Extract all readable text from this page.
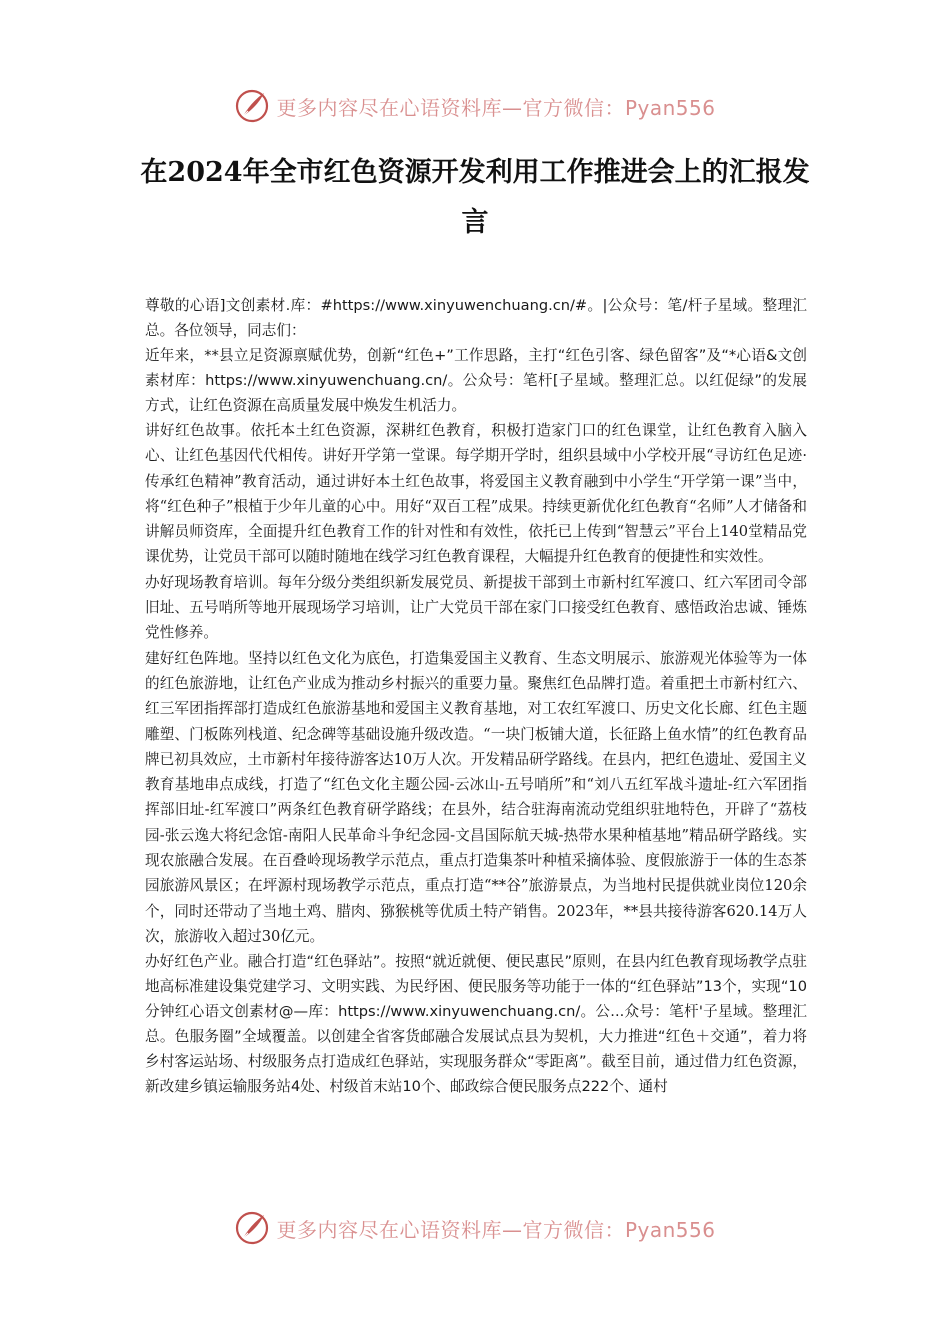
更多内容尽在心语资料库—官方微信：Pyan556
在2024年全市红色资源开发利用工作推进会上的汇报发言

尊敬的心语]文创素材.库：#https://www.xinyuwenchuang.cn/#。|公众号：笔/杆子星域。整理汇总。各位领导，同志们：

近年来，**县立足资源禀赋优势，创新“红色+”工作思路，主打“红色引客、绿色留客”及“*心语&文创素材库：https://www.xinyuwenchuang.cn/。公众号：笔杆[子星域。整理汇总。以红促绿”的发展方式，让红色资源在高质量发展中焕发生机活力。

讲好红色故事。依托本土红色资源，深耕红色教育，积极打造家门口的红色课堂，让红色教育入脑入心、让红色基因代代相传。讲好开学第一堂课。每学期开学时，组织县域中小学校开展“寻访红色足迹·传承红色精神”教育活动，通过讲好本土红色故事，将爱国主义教育融到中小学生“开学第一课”当中，将“红色种子”根植于少年儿童的心中。用好“双百工程”成果。持续更新优化红色教育“名师”人才储备和讲解员师资库，全面提升红色教育工作的针对性和有效性，依托已上传到“智慧云”平台上140堂精品党课优势，让党员干部可以随时随地在线学习红色教育课程，大幅提升红色教育的便捷性和实效性。

办好现场教育培训。每年分级分类组织新发展党员、新提拔干部到土市新村红军渡口、红六军团司令部旧址、五号哨所等地开展现场学习培训，让广大党员干部在家门口接受红色教育、感悟政治忠诚、锤炼党性修养。

建好红色阵地。坚持以红色文化为底色，打造集爱国主义教育、生态文明展示、旅游观光体验等为一体的红色旅游地，让红色产业成为推动乡村振兴的重要力量。聚焦红色品牌打造。着重把土市新村红六、红三军团指挥部打造成红色旅游基地和爱国主义教育基地，对工农红军渡口、历史文化长廊、红色主题雕塑、门板陈列栈道、纪念碑等基础设施升级改造。“一块门板铺大道，长征路上鱼水情”的红色教育品牌已初具效应，土市新村年接待游客达10万人次。开发精品研学路线。在县内，把红色遗址、爱国主义教育基地串点成线，打造了“红色文化主题公园-云冰山-五号哨所”和“刘八五红军战斗遗址-红六军团指挥部旧址-红军渡口”两条红色教育研学路线；在县外，结合驻海南流动党组织驻地特色，开辟了“荔枝园-张云逸大将纪念馆-南阳人民革命斗争纪念园-文昌国际航天城-热带水果种植基地”精品研学路线。实现农旅融合发展。在百叠岭现场教学示范点，重点打造集茶叶种植采摘体验、度假旅游于一体的生态茶园旅游风景区；在坪源村现场教学示范点，重点打造“**谷”旅游景点，为当地村民提供就业岗位120余个，同时还带动了当地土鸡、腊肉、猕猴桃等优质土特产销售。2023年，**县共接待游客620.14万人次，旅游收入超过30亿元。

办好红色产业。融合打造“红色驿站”。按照“就近就便、便民惠民”原则，在县内红色教育现场教学点驻地高标准建设集党建学习、文明实践、为民纾困、便民服务等功能于一体的“红色驿站”13个，实现“10分钟红心语文创素材@—库：https://www.xinyuwenchuang.cn/。公...众号：笔杆'子星域。整理汇总。色服务圈”全域覆盖。以创建全省客货邮融合发展试点县为契机，大力推进“红色＋交通”，着力将乡村客运站场、村级服务点打造成红色驿站，实现服务群众“零距离”。截至目前，通过借力红色资源，新改建乡镇运输服务站4处、村级首末站10个、邮政综合便民服务点222个、通村

更多内容尽在心语资料库—官方微信：Pyan556
